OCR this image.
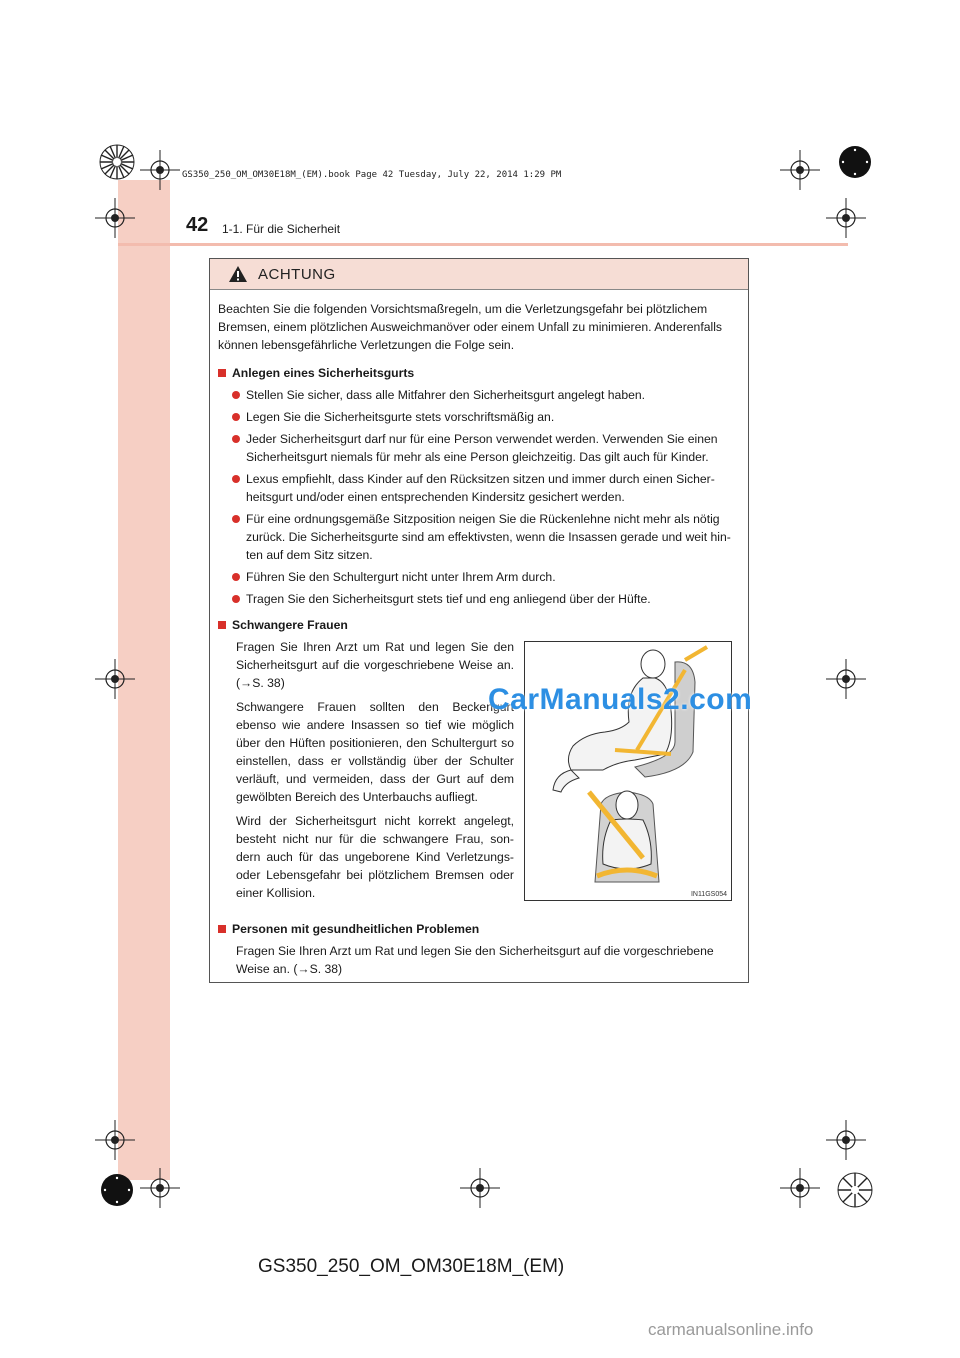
GS350_250_OM_OM30E18M_(EM).book Page 42 Tuesday, July 22, 2014 1:29 PM
42 1-1. Für die Sicherheit
ACHTUNG

Beachten Sie die folgenden Vorsichtsmaßregeln, um die Verletzungsgefahr bei plötzlichem Bremsen, einem plötzlichen Ausweichmanöver oder einem Unfall zu minimieren. Anderenfalls können lebensgefährliche Verletzungen die Folge sein.

Anlegen eines Sicherheitsgurts
Stellen Sie sicher, dass alle Mitfahrer den Sicherheitsgurt angelegt haben.
Legen Sie die Sicherheitsgurte stets vorschriftsmäßig an.
Jeder Sicherheitsgurt darf nur für eine Person verwendet werden. Verwenden Sie einen Sicherheitsgurt niemals für mehr als eine Person gleichzeitig. Das gilt auch für Kinder.
Lexus empfiehlt, dass Kinder auf den Rücksitzen sitzen und immer durch einen Sicher-heitsgurt und/oder einen entsprechenden Kindersitz gesichert werden.
Für eine ordnungsgemäße Sitzposition neigen Sie die Rückenlehne nicht mehr als nötig zurück. Die Sicherheitsgurte sind am effektivsten, wenn die Insassen gerade und weit hin-ten auf dem Sitz sitzen.
Führen Sie den Schultergurt nicht unter Ihrem Arm durch.
Tragen Sie den Sicherheitsgurt stets tief und eng anliegend über der Hüfte.
Schwangere Frauen

Fragen Sie Ihren Arzt um Rat und legen Sie den Sicherheitsgurt auf die vorgeschriebene Weise an. (→S. 38)

Schwangere Frauen sollten den Beckengurt ebenso wie andere Insassen so tief wie möglich über den Hüften positionieren, den Schultergurt so einstellen, dass er vollständig über der Schulter verläuft, und vermeiden, dass der Gurt auf dem gewölbten Bereich des Unterbauchs aufliegt.

Wird der Sicherheitsgurt nicht korrekt angelegt, besteht nicht nur für die schwangere Frau, son-dern auch für das ungeborene Kind Verletzungs- oder Lebensgefahr bei plötzlichem Bremsen oder einer Kollision.

Personen mit gesundheitlichen Problemen
Fragen Sie Ihren Arzt um Rat und legen Sie den Sicherheitsgurt auf die vorgeschriebene Weise an. (→S. 38)
IN11GS054
CarManuals2.com
GS350_250_OM_OM30E18M_(EM)
carmanualsonline.info
